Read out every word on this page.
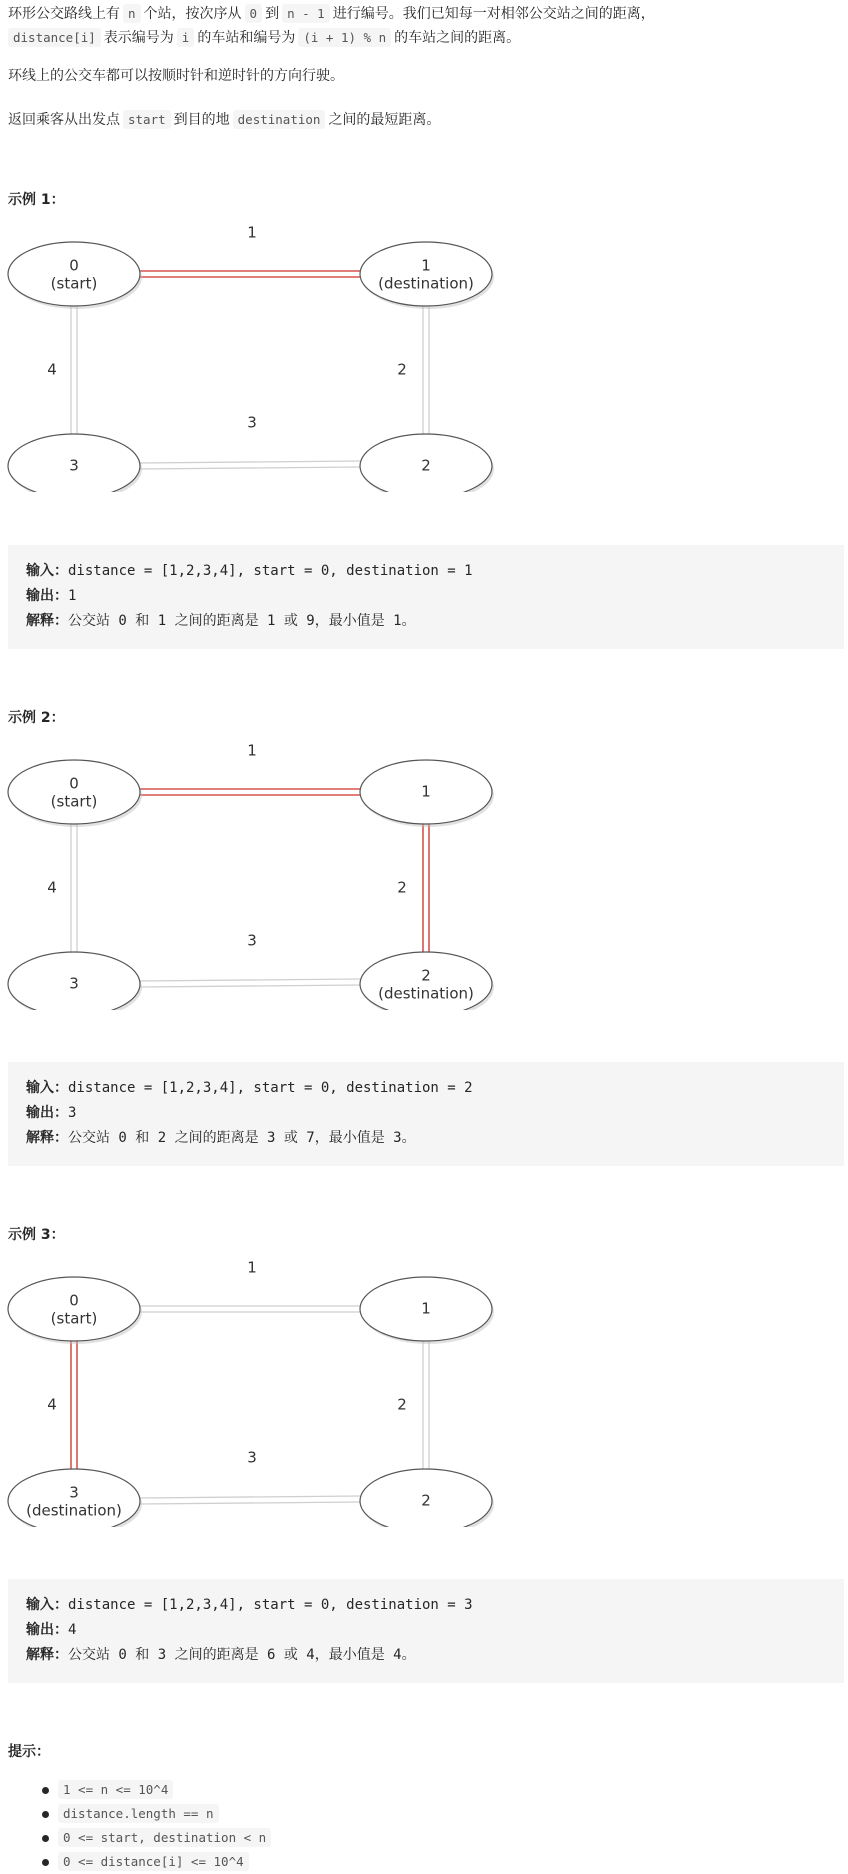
环形公交路线上有 n 个站，按次序从 0 到 n - 1 进行编号。我们已知每一对相邻公交站之间的距离，

distance[i] 表示编号为 i 的车站和编号为 (i + 1) % n 的车站之间的距离。

环线上的公交车都可以按顺时针和逆时针的方向行驶。

返回乘客从出发点 start 到目的地 destination 之间的最短距离。

示例 1：

1
2
3
4
0
(start)
1
(destination)
2
3
输入：distance = [1,2,3,4], start = 0, destination = 1
输出：1
解释：公交站 0 和 1 之间的距离是 1 或 9，最小值是 1。

示例 2：

1
2
3
4
0
(start)
1
2
(destination)
3
输入：distance = [1,2,3,4], start = 0, destination = 2
输出：3
解释：公交站 0 和 2 之间的距离是 3 或 7，最小值是 3。

示例 3：

1
2
3
4
0
(start)
1
2
3
(destination)
输入：distance = [1,2,3,4], start = 0, destination = 3
输出：4
解释：公交站 0 和 3 之间的距离是 6 或 4，最小值是 4。

提示：

1 <= n <= 10^4
distance.length == n
0 <= start, destination < n
0 <= distance[i] <= 10^4
